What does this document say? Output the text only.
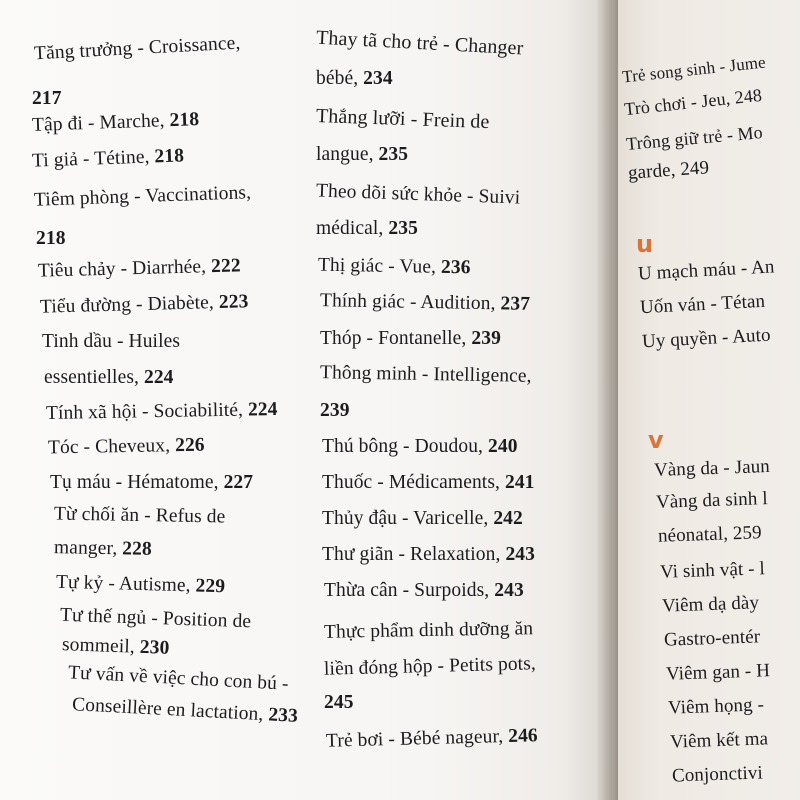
Tăng trưởng - Croissance,
217
Tập đi - Marche, 218
Ti giả - Tétine, 218
Tiêm phòng - Vaccinations,
218
Tiêu chảy - Diarrhée, 222
Tiểu đường - Diabète, 223
Tinh dầu - Huiles
essentielles, 224
Tính xã hội - Sociabilité, 224
Tóc - Cheveux, 226
Tụ máu - Hématome, 227
Từ chối ăn - Refus de
manger, 228
Tự kỷ - Autisme, 229
Tư thế ngủ - Position de
sommeil, 230
Tư vấn về việc cho con bú -
Conseillère en lactation, 233
Thay tã cho trẻ - Changer
bébé, 234
Thắng lưỡi - Frein de
langue, 235
Theo dõi sức khỏe - Suivi
médical, 235
Thị giác - Vue, 236
Thính giác - Audition, 237
Thóp - Fontanelle, 239
Thông minh - Intelligence,
239
Thú bông - Doudou, 240
Thuốc - Médicaments, 241
Thủy đậu - Varicelle, 242
Thư giãn - Relaxation, 243
Thừa cân - Surpoids, 243
Thực phẩm dinh dưỡng ăn
liền đóng hộp - Petits pots,
245
Trẻ bơi - Bébé nageur, 246
Trẻ song sinh - Jume
Trò chơi - Jeu, 248
Trông giữ trẻ - Mo
garde, 249
u
U mạch máu - An
Uốn ván - Tétan
Uy quyền - Auto
v
Vàng da - Jaun
Vàng da sinh l
néonatal, 259
Vi sinh vật - l
Viêm dạ dày
Gastro-entér
Viêm gan - H
Viêm họng -
Viêm kết ma
Conjonctivi
